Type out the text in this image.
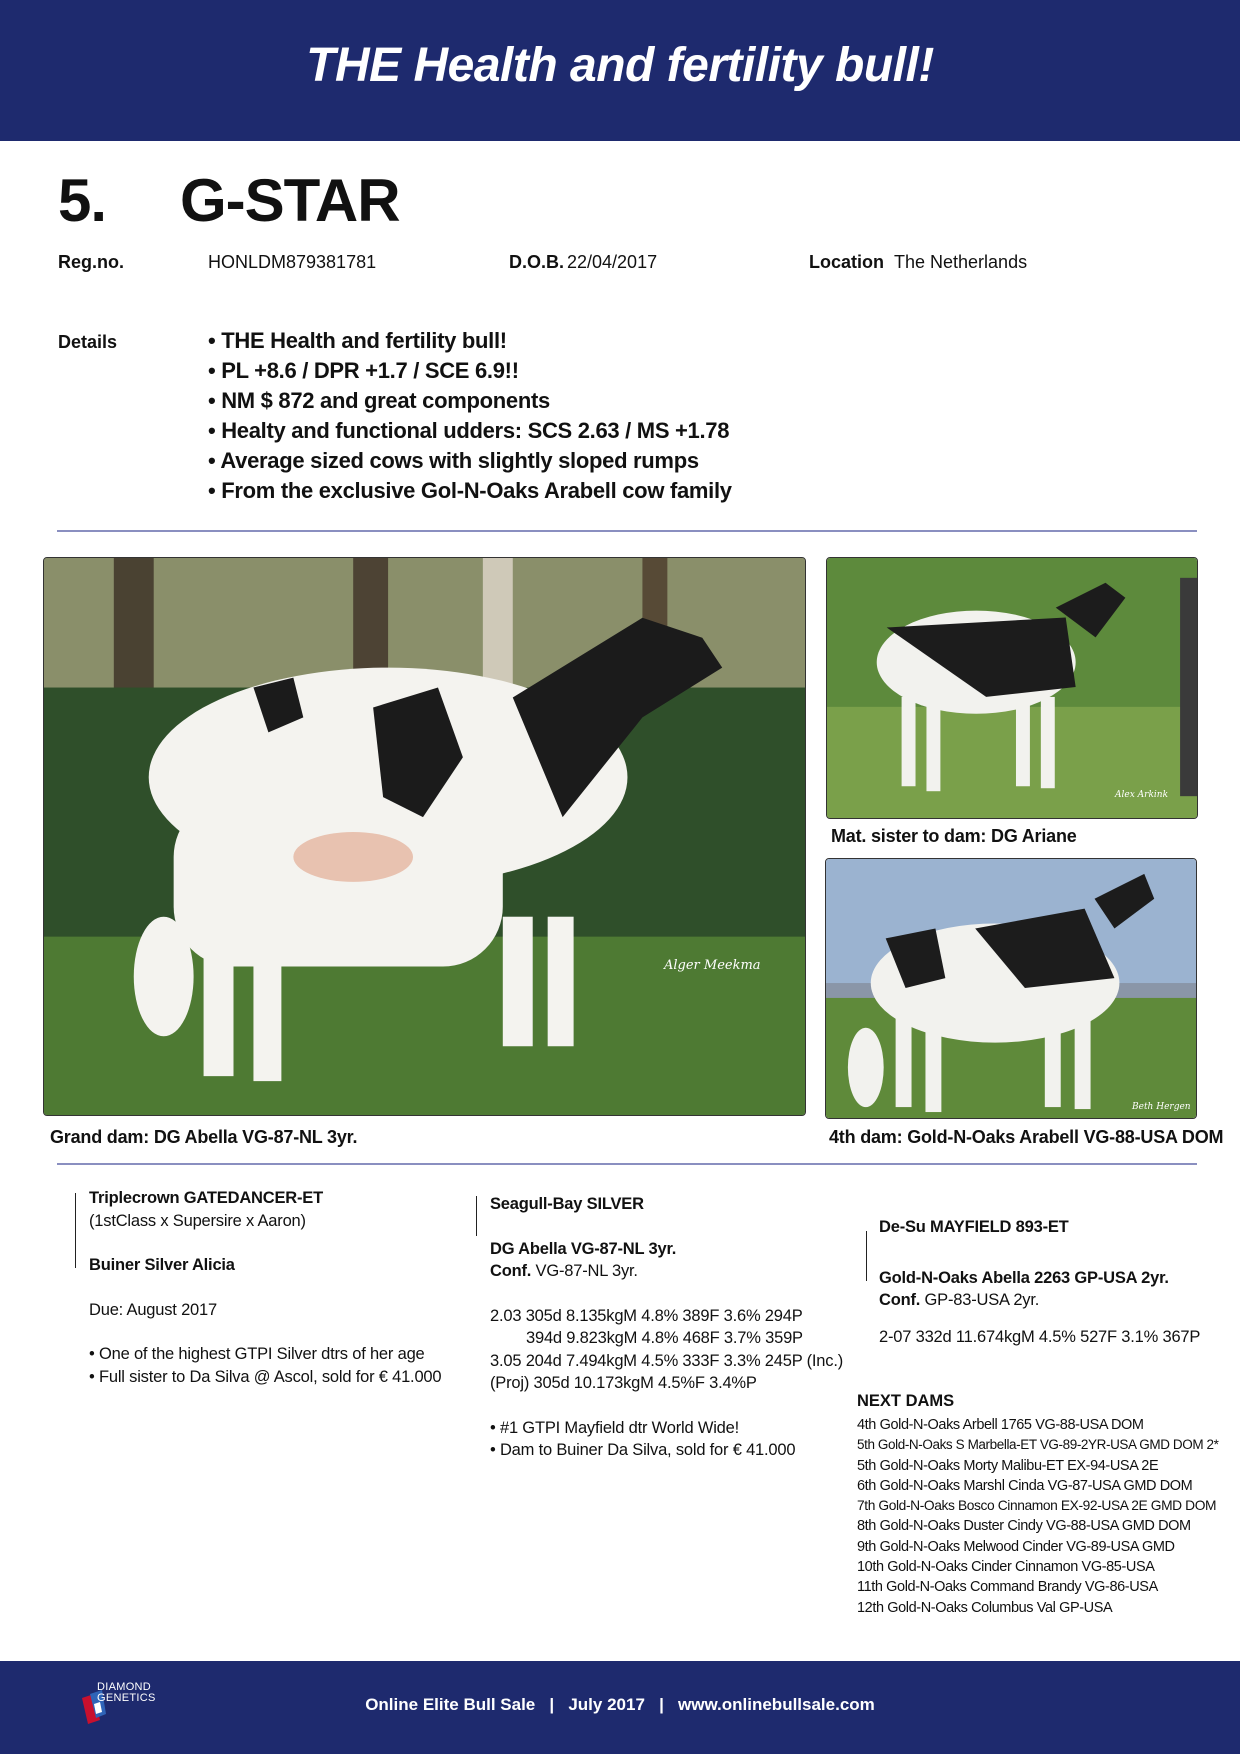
THE Health and fertility bull!
5. G-STAR
Reg.no.	HONLDM879381781	D.O.B. 22/04/2017	Location The Netherlands
Details
•	THE Health and fertility bull!
• PL +8.6 / DPR +1.7 / SCE 6.9!!
• NM $ 872 and great components
• Healty and functional udders: SCS 2.63 / MS +1.78
• Average sized cows with slightly sloped rumps
• From the exclusive Gol-N-Oaks Arabell cow family
Alger Meekma
Alex Arkink
Beth Hergen
Grand dam: DG Abella VG-87-NL 3yr.
Mat. sister to dam: DG Ariane
4th dam: Gold-N-Oaks Arabell VG-88-USA DOM
Triplecrown GATEDANCER-ET
(1stClass x Supersire x Aaron)
Buiner Silver Alicia
Due: August 2017
• One of the highest GTPI Silver dtrs of her age
• Full sister to Da Silva @ Ascol, sold for € 41.000
Seagull-Bay SILVER
DG Abella VG-87-NL 3yr.
Conf. VG-87-NL 3yr.
2.03 305d 8.135kgM 4.8% 389F 3.6% 294P
394d 9.823kgM 4.8% 468F 3.7% 359P
3.05 204d 7.494kgM 4.5% 333F 3.3% 245P (Inc.)
(Proj) 305d 10.173kgM 4.5%F 3.4%P
• #1 GTPI Mayfield dtr World Wide!
• Dam to Buiner Da Silva, sold for € 41.000
De-Su MAYFIELD 893-ET
Gold-N-Oaks Abella 2263 GP-USA 2yr.
Conf. GP-83-USA 2yr.
2-07 332d 11.674kgM 4.5% 527F 3.1% 367P
NEXT DAMS
4th Gold-N-Oaks Arbell 1765 VG-88-USA DOM
5th Gold-N-Oaks S Marbella-ET VG-89-2YR-USA GMD DOM 2*
5th Gold-N-Oaks Morty Malibu-ET EX-94-USA 2E
6th Gold-N-Oaks Marshl Cinda VG-87-USA GMD DOM
7th Gold-N-Oaks Bosco Cinnamon EX-92-USA 2E GMD DOM
8th Gold-N-Oaks Duster Cindy VG-88-USA GMD DOM
9th Gold-N-Oaks Melwood Cinder VG-89-USA GMD
10th Gold-N-Oaks Cinder Cinnamon VG-85-USA
11th Gold-N-Oaks Command Brandy VG-86-USA
12th Gold-N-Oaks Columbus Val GP-USA
DIAMOND
GENETICS	Online Elite Bull Sale   |   July 2017   |   www.onlinebullsale.com
